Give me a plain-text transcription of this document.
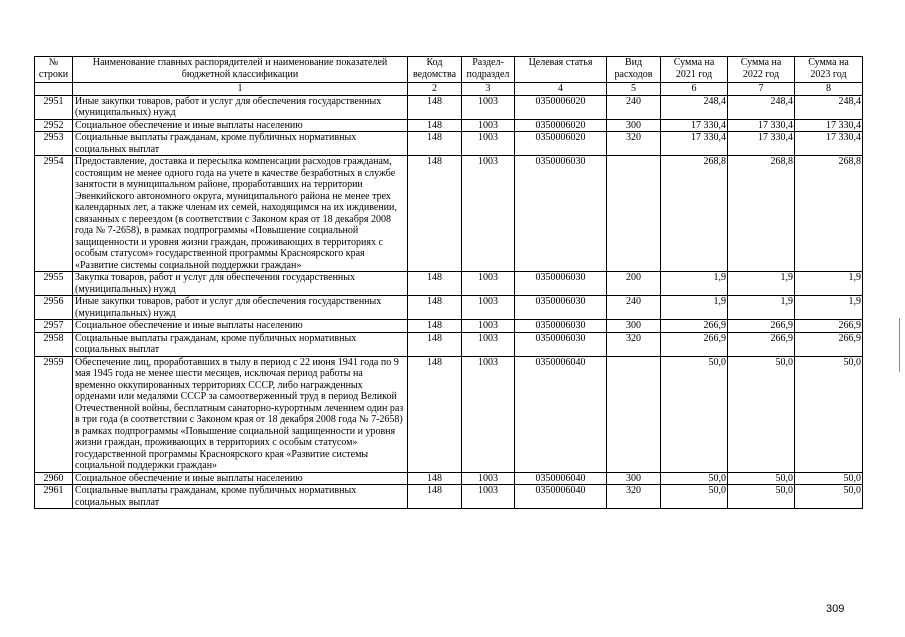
№ строки	Наименование главных распорядителей и наименование показателей бюджетной классификации	Код ведомства	Раздел-подраздел	Целевая статья	Вид расходов	Сумма на 2021 год	Сумма на 2022 год	Сумма на 2023 год
	1	2	3	4	5	6	7	8
2951	Иные закупки товаров, работ и услуг для обеспечения государственных (муниципальных) нужд	148	1003	0350006020	240	248,4	248,4	248,4
2952	Социальное обеспечение и иные выплаты населению	148	1003	0350006020	300	17 330,4	17 330,4	17 330,4
2953	Социальные выплаты гражданам, кроме публичных нормативных социальных выплат	148	1003	0350006020	320	17 330,4	17 330,4	17 330,4
2954	Предоставление, доставка и пересылка компенсации расходов гражданам, состоящим не менее одного года на учете в качестве безработных в службе занятости в муниципальном районе, проработавших на территории Эвенкийского автономного округа, муниципального района не менее трех календарных лет, а также членам их семей, находящимся на их иждивении, связанных с переездом (в соответствии с Законом края от 18 декабря 2008 года № 7-2658), в рамках подпрограммы «Повышение социальной защищенности и уровня жизни граждан, проживающих в территориях с особым статусом» государственной программы Красноярского края «Развитие системы социальной поддержки граждан»	148	1003	0350006030		268,8	268,8	268,8
2955	Закупка товаров, работ и услуг для обеспечения государственных (муниципальных) нужд	148	1003	0350006030	200	1,9	1,9	1,9
2956	Иные закупки товаров, работ и услуг для обеспечения государственных (муниципальных) нужд	148	1003	0350006030	240	1,9	1,9	1,9
2957	Социальное обеспечение и иные выплаты населению	148	1003	0350006030	300	266,9	266,9	266,9
2958	Социальные выплаты гражданам, кроме публичных нормативных социальных выплат	148	1003	0350006030	320	266,9	266,9	266,9
2959	Обеспечение лиц, проработавших в тылу в период с 22 июня 1941 года по 9 мая 1945 года не менее шести месяцев, исключая период работы на временно оккупированных территориях СССР, либо награжденных орденами или медалями СССР за самоотверженный труд в период Великой Отечественной войны, бесплатным санаторно-курортным лечением один раз в три года (в соответствии с Законом края от 18 декабря 2008 года № 7-2658) в рамках подпрограммы «Повышение социальной защищенности и уровня жизни граждан, проживающих в территориях с особым статусом» государственной программы Красноярского края «Развитие системы социальной поддержки граждан»	148	1003	0350006040		50,0	50,0	50,0
2960	Социальное обеспечение и иные выплаты населению	148	1003	0350006040	300	50,0	50,0	50,0
2961	Социальные выплаты гражданам, кроме публичных нормативных социальных выплат	148	1003	0350006040	320	50,0	50,0	50,0
309
